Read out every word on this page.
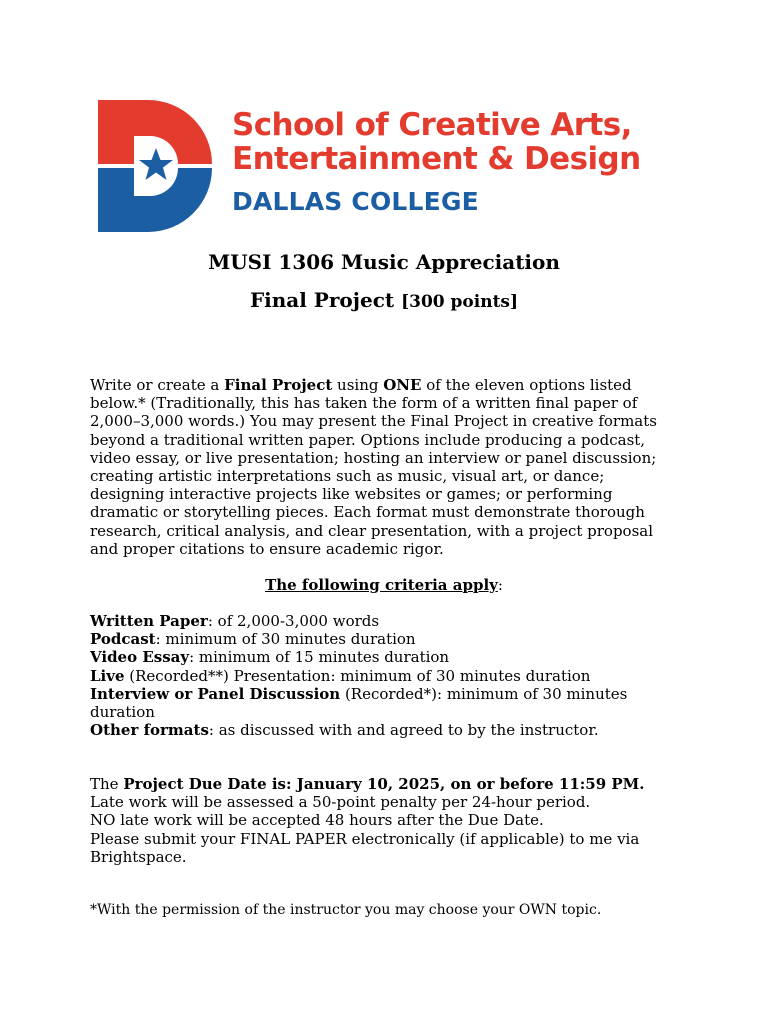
School of Creative Arts,
Entertainment & Design
DALLAS COLLEGE
MUSI 1306 Music Appreciation
Final Project [300 points]
Write or create a Final Project using ONE of the eleven options listed below.* (Traditionally, this has taken the form of a written final paper of 2,000–3,000 words.) You may present the Final Project in creative formats beyond a traditional written paper. Options include producing a podcast, video essay, or live presentation; hosting an interview or panel discussion; creating artistic interpretations such as music, visual art, or dance; designing interactive projects like websites or games; or performing dramatic or storytelling pieces. Each format must demonstrate thorough research, critical analysis, and clear presentation, with a project proposal and proper citations to ensure academic rigor.
The following criteria apply:

Written Paper: of 2,000-3,000 words

Podcast: minimum of 30 minutes duration

Video Essay: minimum of 15 minutes duration

Live (Recorded**) Presentation: minimum of 30 minutes duration

Interview or Panel Discussion (Recorded*): minimum of 30 minutes duration

Other formats: as discussed with and agreed to by the instructor.

The Project Due Date is: January 10, 2025, on or before 11:59 PM.

Late work will be assessed a 50-point penalty per 24-hour period.

NO late work will be accepted 48 hours after the Due Date.

Please submit your FINAL PAPER electronically (if applicable) to me via Brightspace.

*With the permission of the instructor you may choose your OWN topic.
